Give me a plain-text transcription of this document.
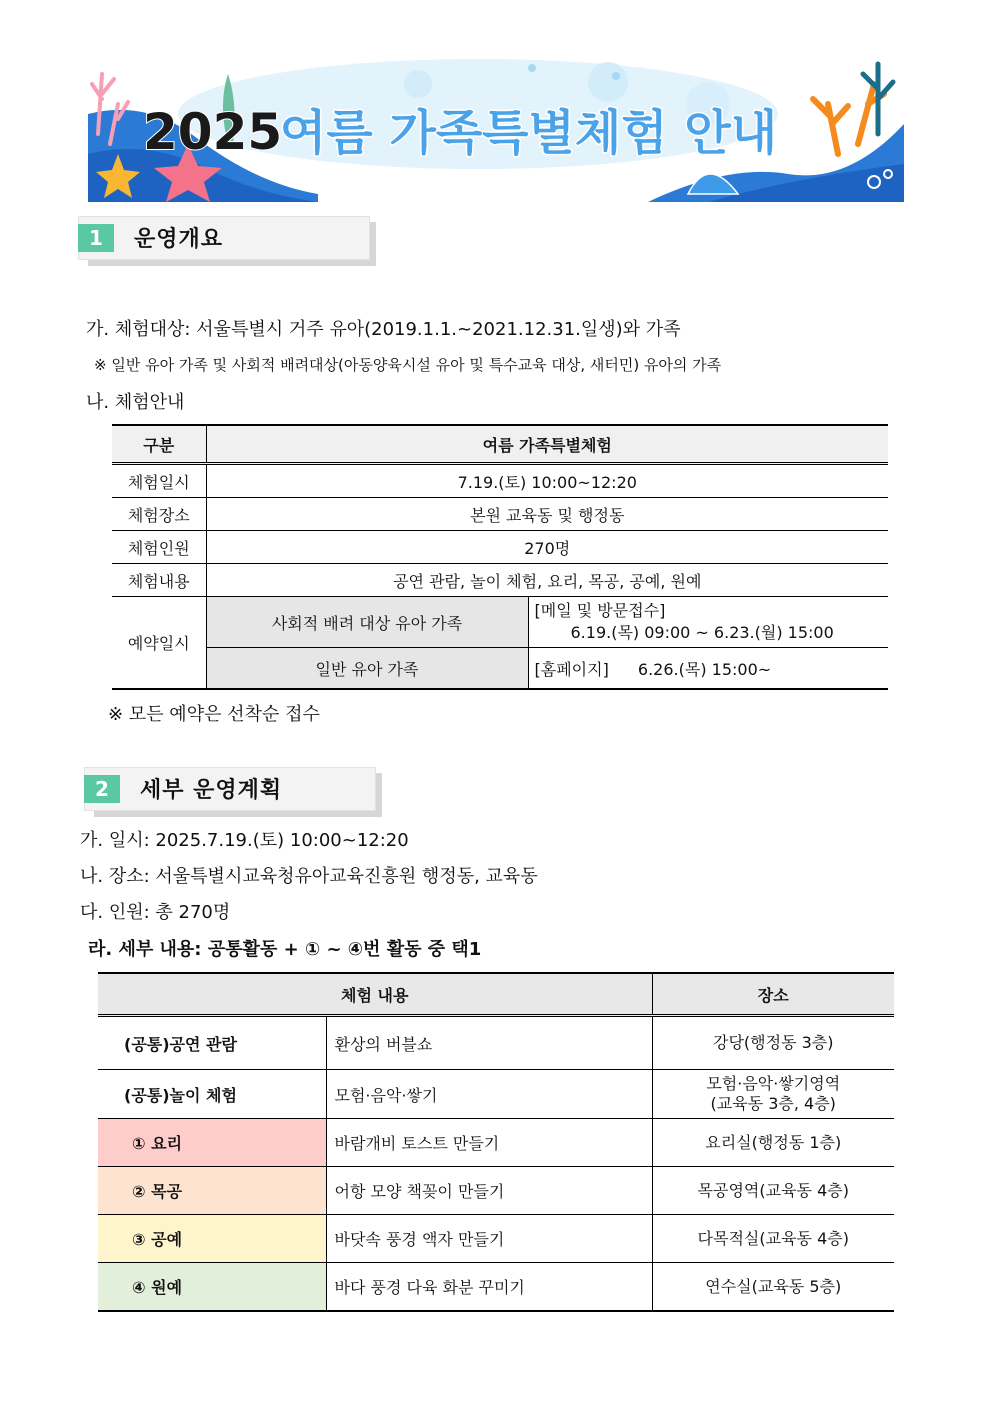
2025
여름 가족특별체험 안내
1	운영개요
가. 체험대상: 서울특별시 거주 유아(2019.1.1.~2021.12.31.일생)와 가족
※ 일반 유아 가족 및 사회적 배려대상(아동양육시설 유아 및 특수교육 대상, 새터민) 유아의 가족
나. 체험안내
구분	여름 가족특별체험	
체험일시	7.19.(토) 10:00~12:20	
체험장소	본원 교육동 및 행정동	
체험인원	270명	
체험내용	공연 관람, 놀이 체험, 요리, 목공, 공예, 원예	
예약일시	사회적 배려 대상 유아 가족	[메일 및 방문접수]
6.19.(목) 09:00 ~ 6.23.(월) 15:00

	일반 유아 가족	[홈페이지] 6.26.(목) 15:00~
※ 모든 예약은 선착순 접수
2	세부 운영계획
가. 일시: 2025.7.19.(토) 10:00~12:20
나. 장소: 서울특별시교육청유아교육진흥원 행정동, 교육동
다. 인원: 총 270명
라. 세부 내용: 공통활동 + ① ~ ④번 활동 중 택1
체험 내용		장소
(공통)공연 관람	환상의 버블쇼	강당(행정동 3층)
(공통)놀이 체험	모험·음악·쌓기	모험·음악·쌓기영역
(교육동 3층, 4층)

① 요리	바람개비 토스트 만들기	요리실(행정동 1층)
② 목공	어항 모양 책꽂이 만들기	목공영역(교육동 4층)
③ 공예	바닷속 풍경 액자 만들기	다목적실(교육동 4층)
④ 원예	바다 풍경 다육 화분 꾸미기	연수실(교육동 5층)
